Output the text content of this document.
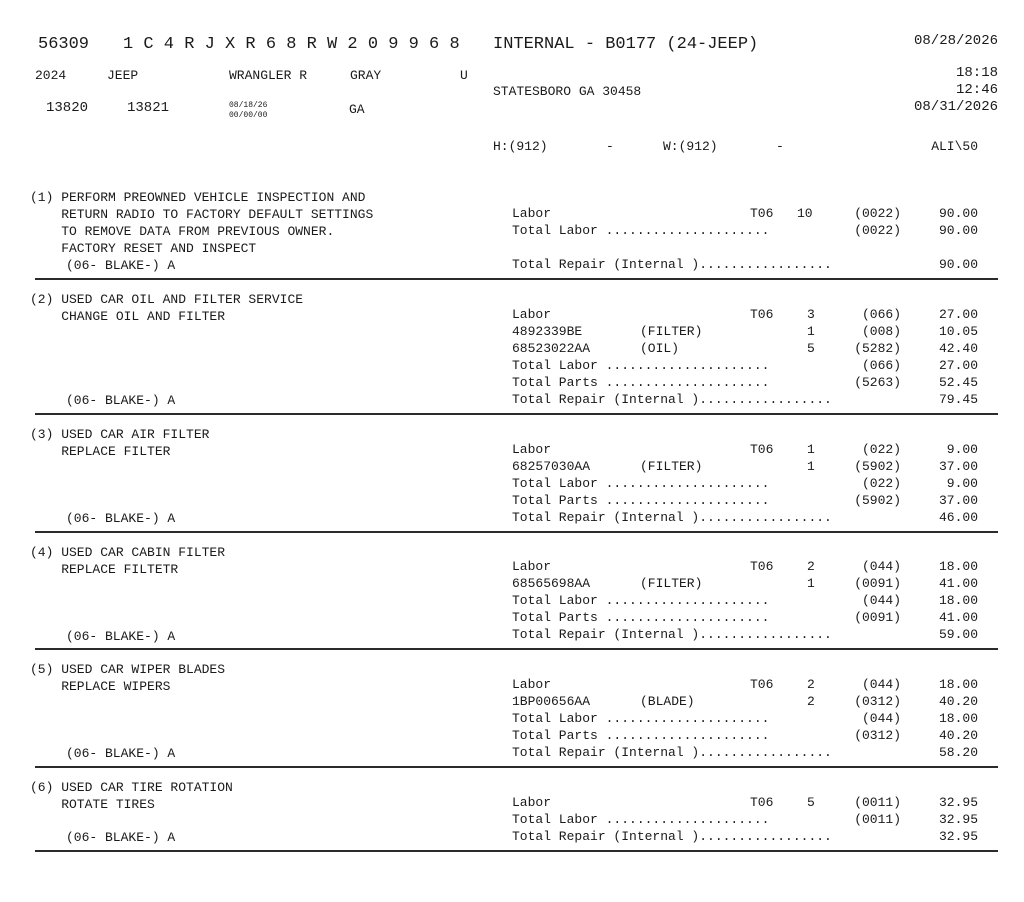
56309 1 C 4 R J X R 6 8 R W 2 0 9 9 6 8 INTERNAL - B0177 (24-JEEP)	08/28/2026
2024	JEEP	WRANGLER R	GRAY	U
STATESBORO GA 30458
18:18
12:46
08/31/2026
13820	13821	08/18/26
00/00/00	GA
H:(912)	-	W:(912)	-	ALI\50
(1) PERFORM PREOWNED VEHICLE INSPECTION AND
RETURN RADIO TO FACTORY DEFAULT SETTINGS
TO REMOVE DATA FROM PREVIOUS OWNER.
FACTORY RESET AND INSPECT
(06- BLAKE-) A
Labor	T06 10	(0022)	90.00
Total Labor .....................	(0022)	90.00
Total Repair (Internal ).................	90.00
(2) USED CAR OIL AND FILTER SERVICE
CHANGE OIL AND FILTER
(06- BLAKE-) A
Labor	T06	3	(066)	27.00
4892339BE	(FILTER)	1	(008)	10.05
68523022AA	(OIL)	5	(5282)	42.40
Total Labor .....................	(066)	27.00
Total Parts .....................	(5263)	52.45
Total Repair (Internal ).................	79.45
(3) USED CAR AIR FILTER
REPLACE FILTER
(06- BLAKE-) A
Labor	T06	1	(022)	9.00
68257030AA	(FILTER)	1	(5902)	37.00
Total Labor .....................	(022)	9.00
Total Parts .....................	(5902)	37.00
Total Repair (Internal ).................	46.00
(4) USED CAR CABIN FILTER
REPLACE FILTETR
(06- BLAKE-) A
Labor	T06	2	(044)	18.00
68565698AA	(FILTER)	1	(0091)	41.00
Total Labor .....................	(044)	18.00
Total Parts .....................	(0091)	41.00
Total Repair (Internal ).................	59.00
(5) USED CAR WIPER BLADES
REPLACE WIPERS
(06- BLAKE-) A
Labor	T06	2	(044)	18.00
1BP00656AA	(BLADE)	2	(0312)	40.20
Total Labor .....................	(044)	18.00
Total Parts .....................	(0312)	40.20
Total Repair (Internal ).................	58.20
(6) USED CAR TIRE ROTATION
ROTATE TIRES
(06- BLAKE-) A
Labor	T06	5	(0011)	32.95
Total Labor .....................	(0011)	32.95
Total Repair (Internal ).................	32.95
